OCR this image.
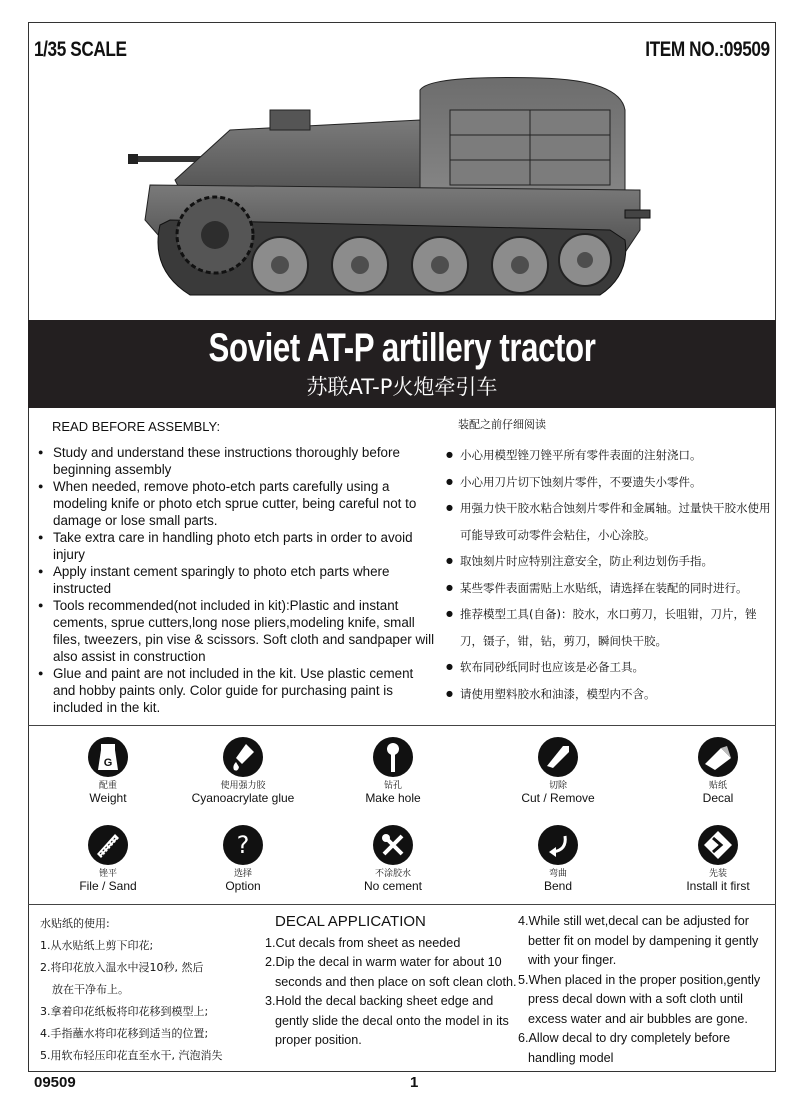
1/35 SCALE	ITEM NO.:09509
Soviet AT-P artillery tractor
苏联AT-P火炮牵引车
READ BEFORE ASSEMBLY:
● Study and understand these instructions thoroughly before beginning assembly
● When needed, remove photo-etch parts carefully using a modeling knife or photo etch sprue cutter, being careful not to damage or lose small parts.
● Take extra care in handling photo etch parts in order to avoid injury
● Apply instant cement sparingly to photo etch parts where instructed
● Tools recommended(not included in kit):Plastic and instant cements, sprue cutters,long nose pliers,modeling knife, small files, tweezers, pin vise & scissors. Soft cloth and sandpaper will also assist in construction
● Glue and paint are not included in the kit. Use plastic cement and hobby paints only. Color guide for purchasing paint is included in the kit.
装配之前仔细阅读
● 小心用模型锉刀锉平所有零件表面的注射浇口。
● 小心用刀片切下蚀刻片零件，不要遗失小零件。
● 用强力快干胶水粘合蚀刻片零件和金属轴。过量快干胶水使用可能导致可动零件会粘住，小心涂胶。
● 取蚀刻片时应特别注意安全，防止利边划伤手指。
● 某些零件表面需贴上水贴纸，请选择在装配的同时进行。
● 推荐模型工具(自备)：胶水，水口剪刀，长咀钳，刀片，锉刀，镊子，钳，钻，剪刀，瞬间快干胶。
● 软布同砂纸同时也应该是必备工具。
● 请使用塑料胶水和油漆，模型内不含。
G
配重
Weight
使用强力胶
Cyanoacrylate glue
钻孔
Make hole
切除
Cut / Remove
贴纸
Decal
锉平
File / Sand
?
选择
Option
不涂胶水
No cement
弯曲
Bend
先装
Install it first
水贴纸的使用:
1.从水贴纸上剪下印花;
2.将印花放入温水中浸10秒, 然后
放在干净布上。
3.拿着印花纸板将印花移到模型上;
4.手指蘸水将印花移到适当的位置;
5.用软布轻压印花直至水干, 汽泡消失
DECAL APPLICATION
1.Cut decals from sheet as needed
2.Dip the decal in warm water for about 10
seconds and then place on soft clean cloth.
3.Hold the decal backing sheet edge and
gently slide the decal onto the model in its
proper position.
4.While still wet,decal can be adjusted for
better fit on model by dampening it gently
with your finger.
5.When placed in the proper position,gently
press decal down with a soft cloth until
excess water and air bubbles are gone.
6.Allow decal to dry completely before
handling model
09509	1
